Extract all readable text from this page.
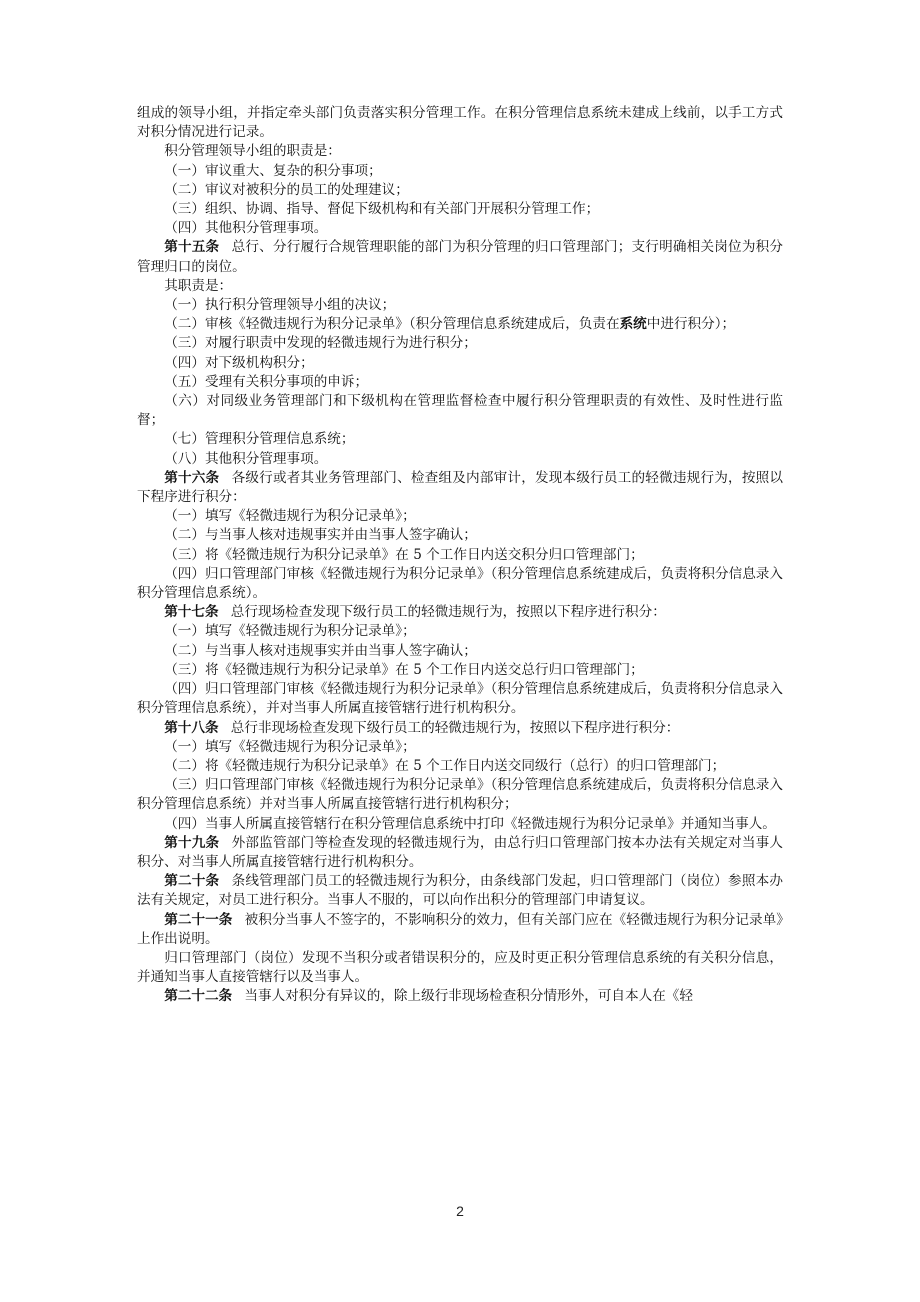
组成的领导小组，并指定牵头部门负责落实积分管理工作。在积分管理信息系统未建成上线前，以手工方式对积分情况进行记录。

积分管理领导小组的职责是：

（一）审议重大、复杂的积分事项；

（二）审议对被积分的员工的处理建议；

（三）组织、协调、指导、督促下级机构和有关部门开展积分管理工作；

（四）其他积分管理事项。

第十五条 总行、分行履行合规管理职能的部门为积分管理的归口管理部门；支行明确相关岗位为积分管理归口的岗位。

其职责是：

（一）执行积分管理领导小组的决议；

（二）审核《轻微违规行为积分记录单》（积分管理信息系统建成后，负责在系统中进行积分）；

（三）对履行职责中发现的轻微违规行为进行积分；

（四）对下级机构积分；

（五）受理有关积分事项的申诉；

（六）对同级业务管理部门和下级机构在管理监督检查中履行积分管理职责的有效性、及时性进行监督；

（七）管理积分管理信息系统；

（八）其他积分管理事项。

第十六条 各级行或者其业务管理部门、检查组及内部审计，发现本级行员工的轻微违规行为，按照以下程序进行积分：

（一）填写《轻微违规行为积分记录单》；

（二）与当事人核对违规事实并由当事人签字确认；

（三）将《轻微违规行为积分记录单》在 5 个工作日内送交积分归口管理部门；

（四）归口管理部门审核《轻微违规行为积分记录单》（积分管理信息系统建成后，负责将积分信息录入积分管理信息系统）。

第十七条 总行现场检查发现下级行员工的轻微违规行为，按照以下程序进行积分：

（一）填写《轻微违规行为积分记录单》；

（二）与当事人核对违规事实并由当事人签字确认；

（三）将《轻微违规行为积分记录单》在 5 个工作日内送交总行归口管理部门；

（四）归口管理部门审核《轻微违规行为积分记录单》（积分管理信息系统建成后，负责将积分信息录入积分管理信息系统），并对当事人所属直接管辖行进行机构积分。

第十八条 总行非现场检查发现下级行员工的轻微违规行为，按照以下程序进行积分：

（一）填写《轻微违规行为积分记录单》；

（二）将《轻微违规行为积分记录单》在 5 个工作日内送交同级行（总行）的归口管理部门；

（三）归口管理部门审核《轻微违规行为积分记录单》（积分管理信息系统建成后，负责将积分信息录入积分管理信息系统）并对当事人所属直接管辖行进行机构积分；

（四）当事人所属直接管辖行在积分管理信息系统中打印《轻微违规行为积分记录单》并通知当事人。

第十九条 外部监管部门等检查发现的轻微违规行为，由总行归口管理部门按本办法有关规定对当事人积分、对当事人所属直接管辖行进行机构积分。

第二十条 条线管理部门员工的轻微违规行为积分，由条线部门发起，归口管理部门（岗位）参照本办法有关规定，对员工进行积分。当事人不服的，可以向作出积分的管理部门申请复议。

第二十一条 被积分当事人不签字的，不影响积分的效力，但有关部门应在《轻微违规行为积分记录单》上作出说明。

归口管理部门（岗位）发现不当积分或者错误积分的，应及时更正积分管理信息系统的有关积分信息，并通知当事人直接管辖行以及当事人。

第二十二条 当事人对积分有异议的，除上级行非现场检查积分情形外，可自本人在《轻

2
